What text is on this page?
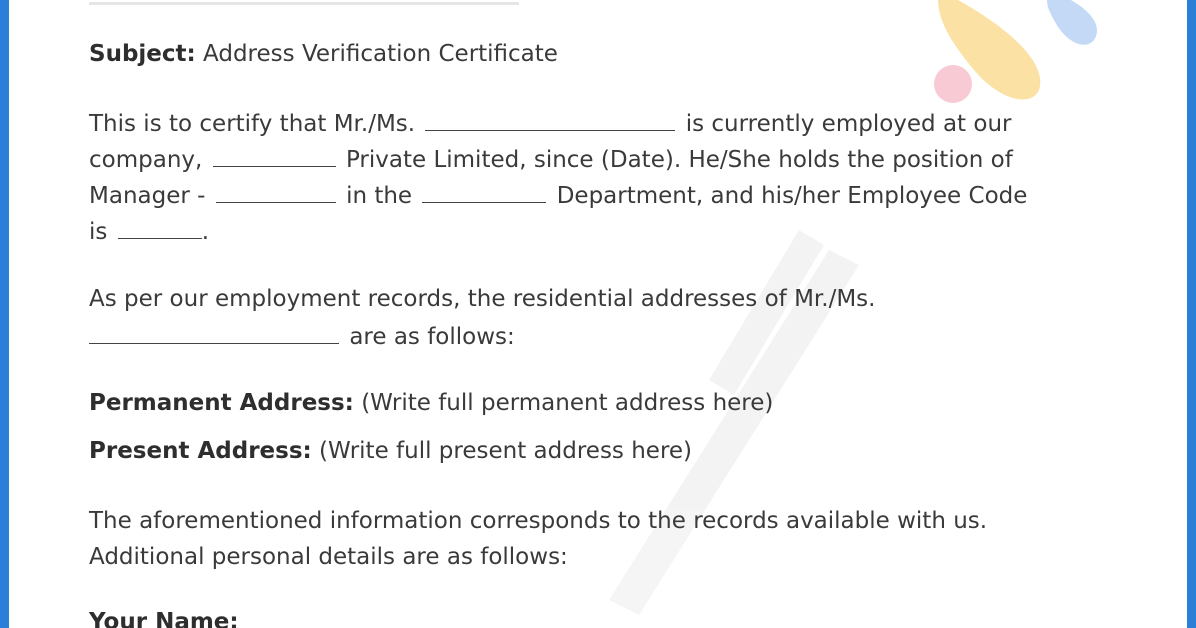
Subject: Address Verification Certificate
This is to certify that Mr./Ms.	is currently employed at our
company,	Private Limited, since (Date). He/She holds the position of
Manager -	in the	Department, and his/her Employee Code
is	.
As per our employment records, the residential addresses of Mr./Ms.
are as follows:
Permanent Address: (Write full permanent address here)
Present Address: (Write full present address here)
The aforementioned information corresponds to the records available with us.
Additional personal details are as follows:
Your Name:
